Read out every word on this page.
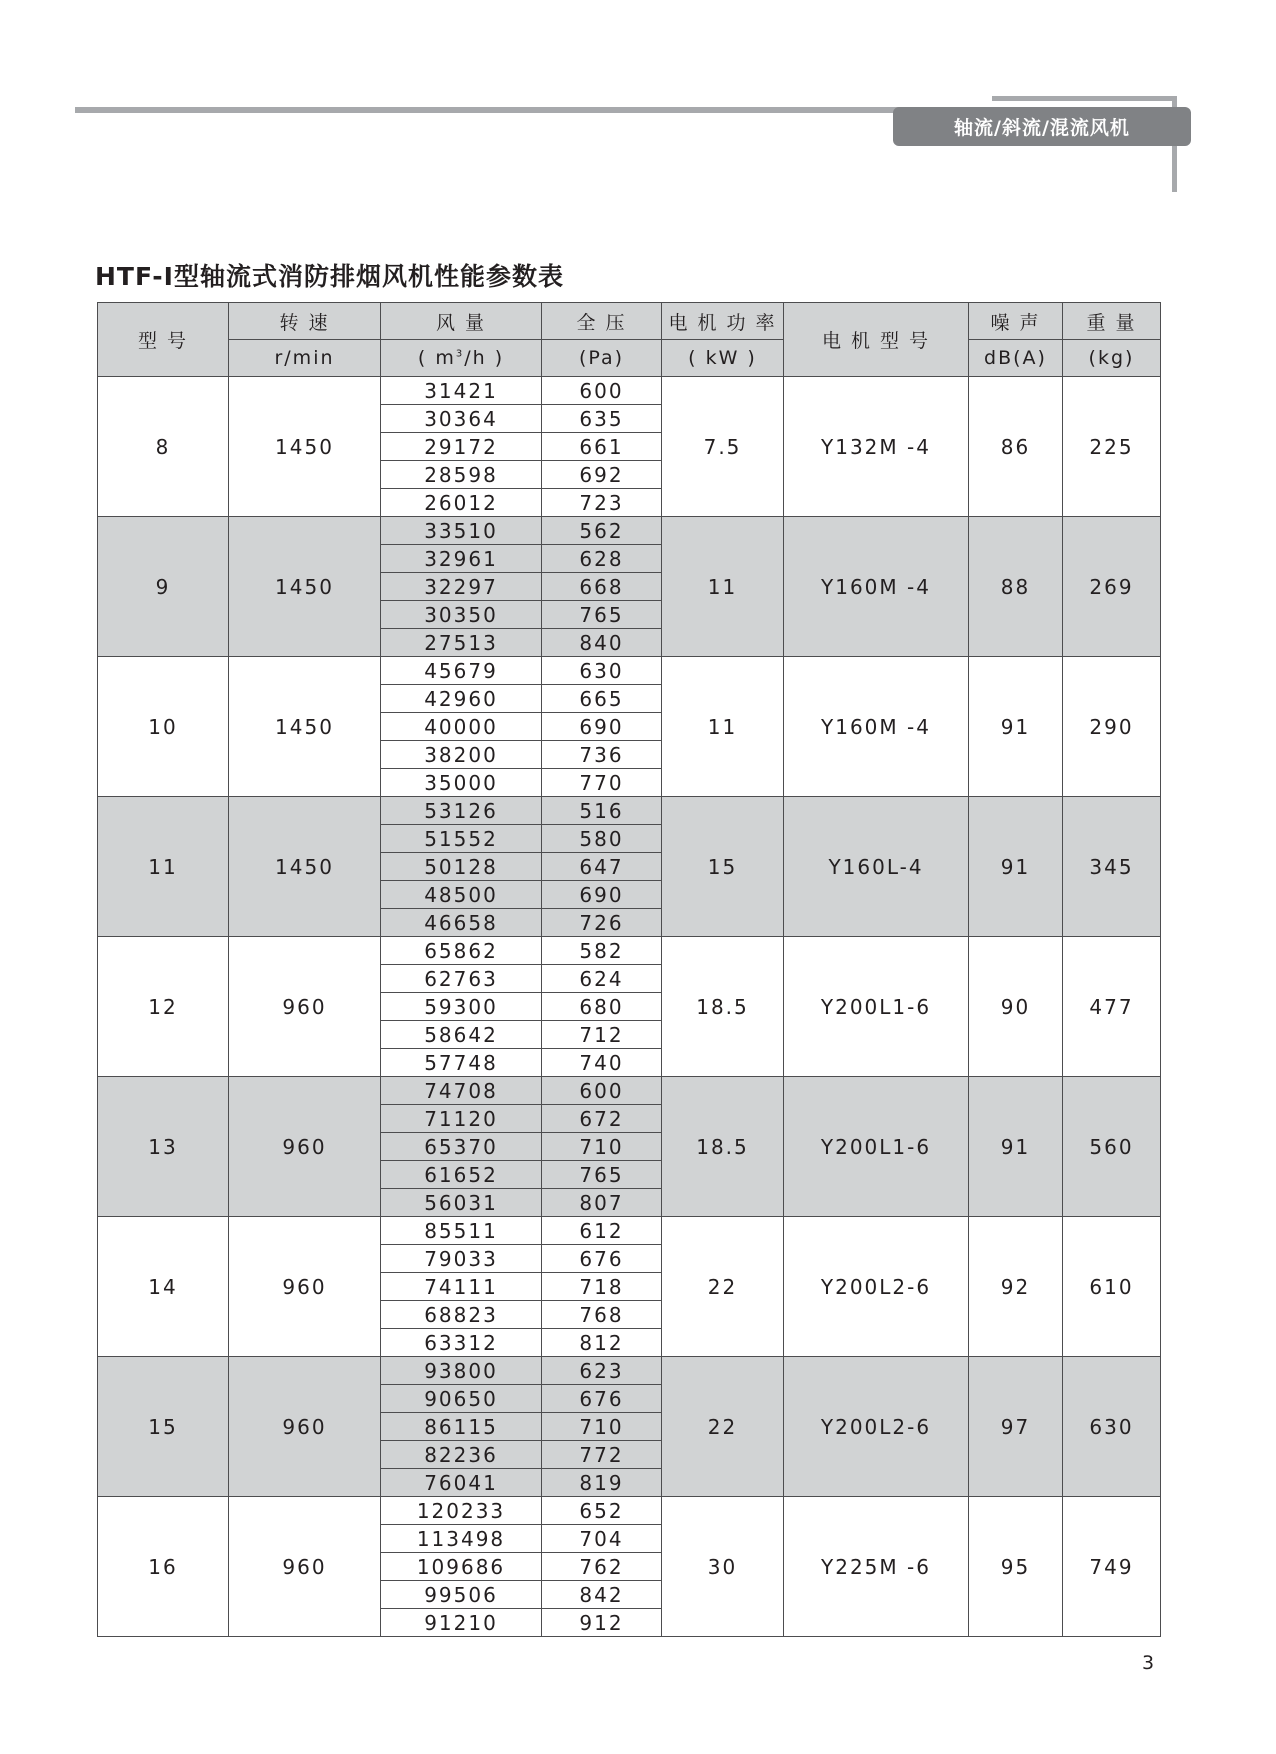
轴流/斜流/混流风机
HTF-I型轴流式消防排烟风机性能参数表
型 号	转 速	风 量	全 压	电 机 功 率	电 机 型 号	噪 声	重 量
	r/min	( $m^3/h$ )	(Pa)	( kW )		dB(A)	(kg)
8	1450	31421	600	7.5	Y132M -4	86	225
		30364	635				
		29172	661				
		28598	692				
		26012	723				
9	1450	33510	562	11	Y160M -4	88	269
		32961	628				
		32297	668				
		30350	765				
		27513	840				
10	1450	45679	630	11	Y160M -4	91	290
		42960	665				
		40000	690				
		38200	736				
		35000	770				
11	1450	53126	516	15	Y160L-4	91	345
		51552	580				
		50128	647				
		48500	690				
		46658	726				
12	960	65862	582	18.5	Y200L1-6	90	477
		62763	624				
		59300	680				
		58642	712				
		57748	740				
13	960	74708	600	18.5	Y200L1-6	91	560
		71120	672				
		65370	710				
		61652	765				
		56031	807				
14	960	85511	612	22	Y200L2-6	92	610
		79033	676				
		74111	718				
		68823	768				
		63312	812				
15	960	93800	623	22	Y200L2-6	97	630
		90650	676				
		86115	710				
		82236	772				
		76041	819				
16	960	120233	652	30	Y225M -6	95	749
		113498	704				
		109686	762				
		99506	842				
		91210	912				
3
